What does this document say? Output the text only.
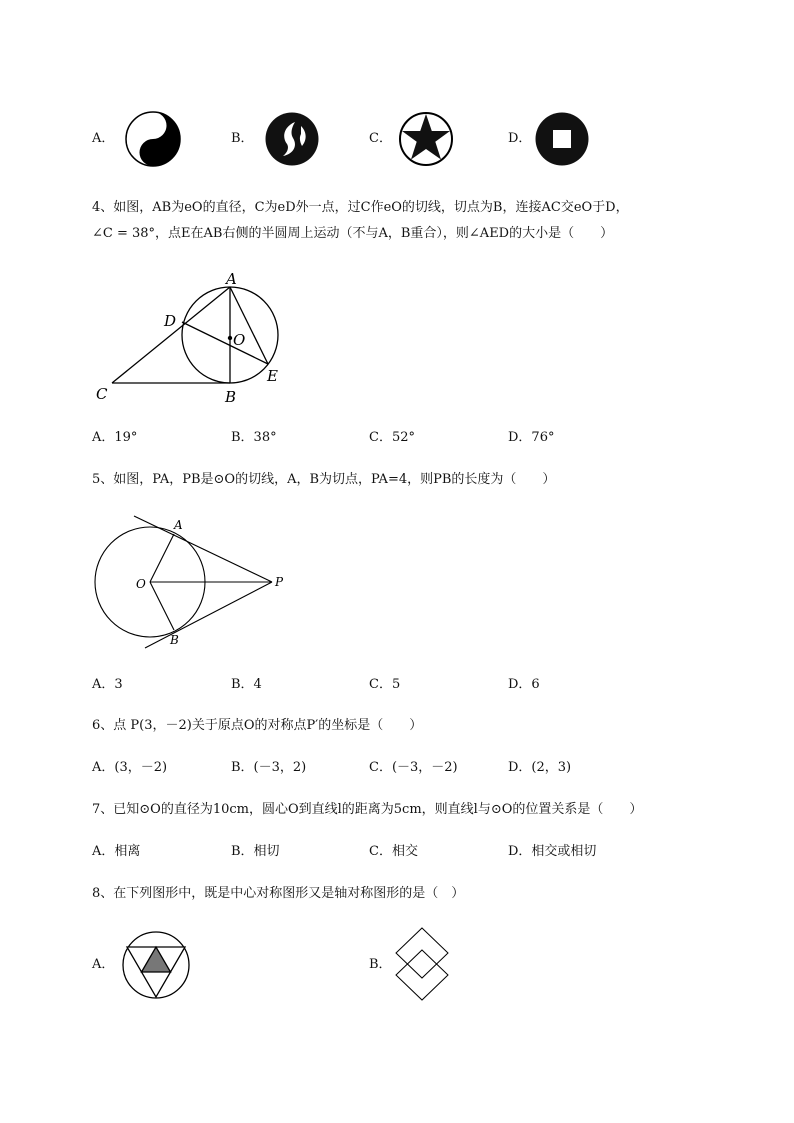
A．	B．	C．	D．
4、如图，AB为eO的直径，C为eD外一点，过C作eO的切线，切点为B，连接AC交eO于D，
∠C = 38°，点E在AB右侧的半圆周上运动（不与A，B重合），则∠AED的大小是（　　）
A
D
O
E
C	B
A．19°	B．38°	C．52°	D．76°
5、如图，PA，PB是⊙O的切线，A，B为切点，PA=4，则PB的长度为（　　）
A
O	P
B
A．3	B．4	C．5	D．6
6、点 P(3，－2)关于原点O的对称点P′的坐标是（　　）
A．(3，－2)	B．(－3，2)	C．(－3，－2)	D．(2，3)
7、已知⊙O的直径为10cm，圆心O到直线l的距离为5cm，则直线l与⊙O的位置关系是（　　）
A．相离	B．相切	C．相交	D．相交或相切
8、在下列图形中，既是中心对称图形又是轴对称图形的是（　）
A．	B．
